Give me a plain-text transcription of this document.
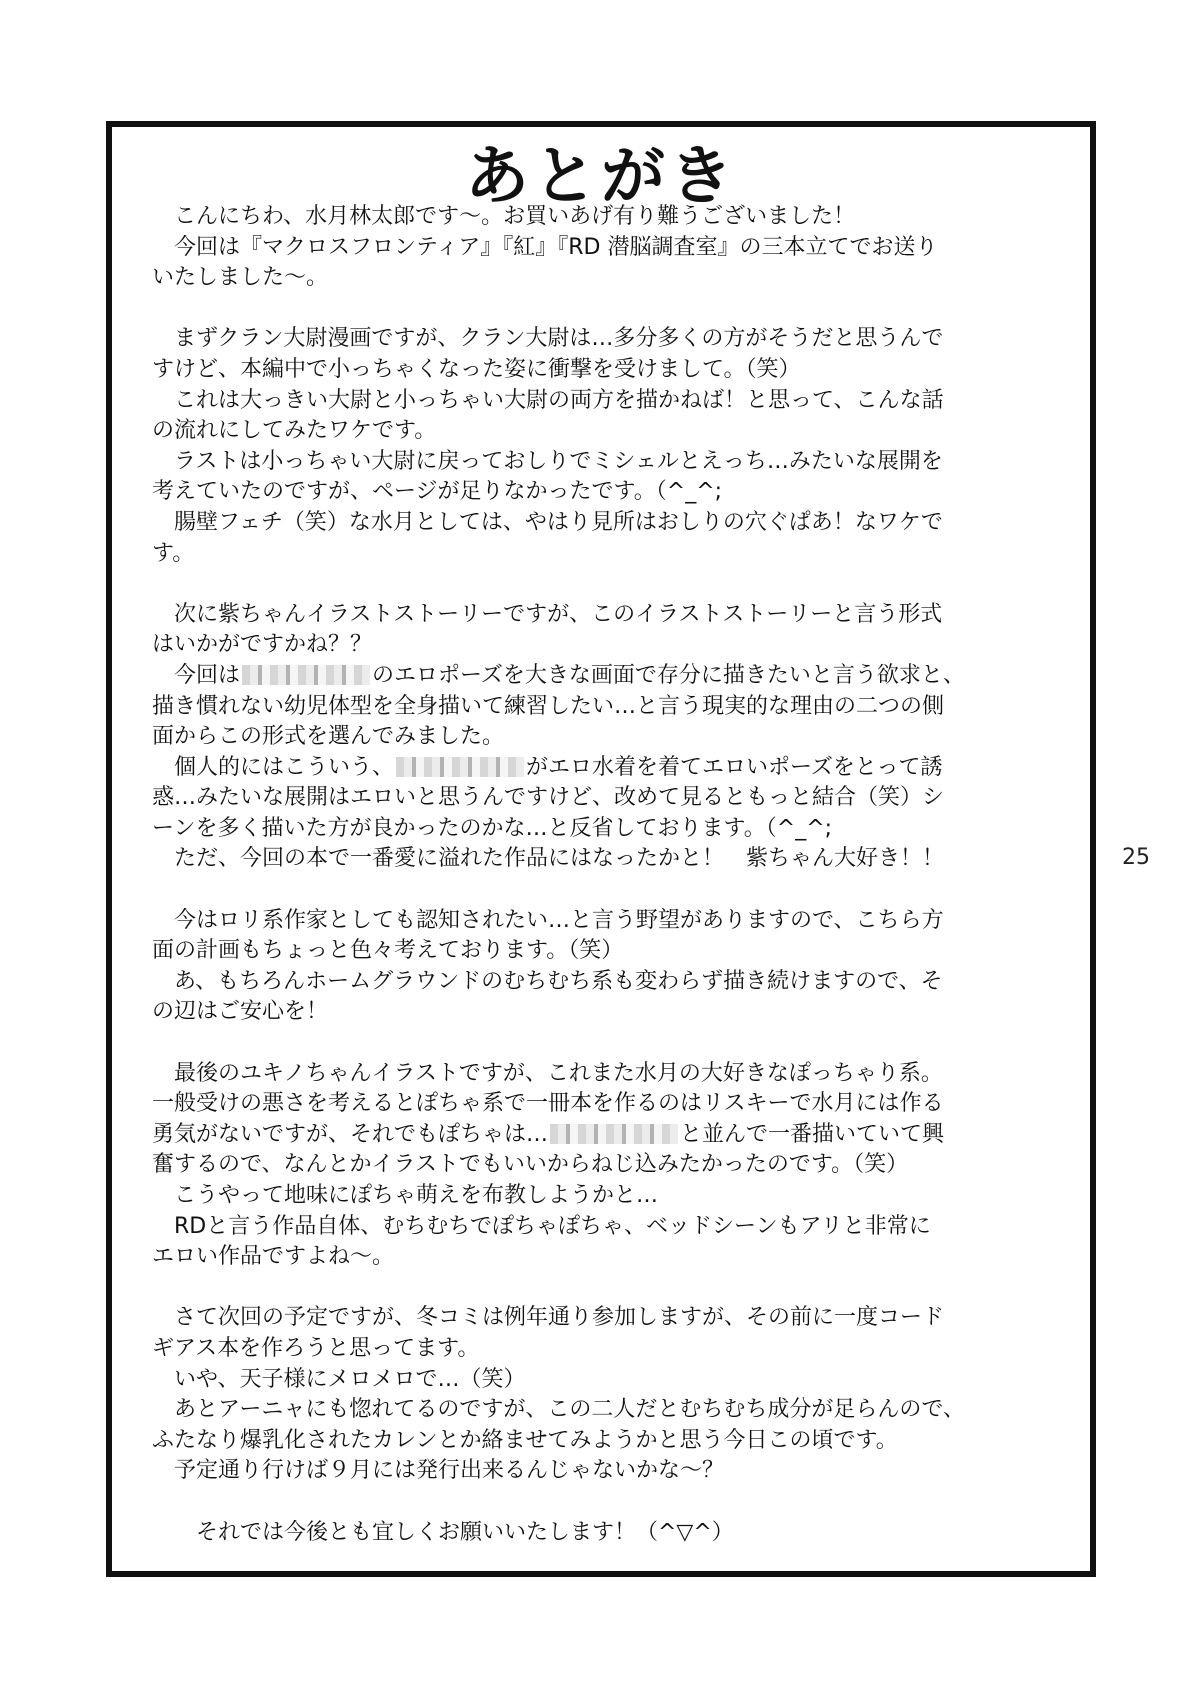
あとがき
　こんにちわ、水月林太郎です～。お買いあげ有り難うございました！
　今回は『マクロスフロンティア』『紅』『RD 潜脳調査室』の三本立てでお送り
いたしました～。
　まずクラン大尉漫画ですが、クラン大尉は…多分多くの方がそうだと思うんで
すけど、本編中で小っちゃくなった姿に衝撃を受けまして。（笑）
　これは大っきい大尉と小っちゃい大尉の両方を描かねば！と思って、こんな話
の流れにしてみたワケです。
　ラストは小っちゃい大尉に戻っておしりでミシェルとえっち…みたいな展開を
考えていたのですが、ページが足りなかったです。（^_^;
　腸壁フェチ（笑）な水月としては、やはり見所はおしりの穴ぐぱあ！なワケで
す。
　次に紫ちゃんイラストストーリーですが、このイラストストーリーと言う形式
はいかがですかね？？
　今回は	のエロポーズを大きな画面で存分に描きたいと言う欲求と、
描き慣れない幼児体型を全身描いて練習したい…と言う現実的な理由の二つの側
面からこの形式を選んでみました。
　個人的にはこういう、	がエロ水着を着てエロいポーズをとって誘
惑…みたいな展開はエロいと思うんですけど、改めて見るともっと結合（笑）シ
ーンを多く描いた方が良かったのかな…と反省しております。（^_^;
　ただ、今回の本で一番愛に溢れた作品にはなったかと！　紫ちゃん大好き！！
　今はロリ系作家としても認知されたい…と言う野望がありますので、こちら方
面の計画もちょっと色々考えております。（笑）
　あ、もちろんホームグラウンドのむちむち系も変わらず描き続けますので、そ
の辺はご安心を！
　最後のユキノちゃんイラストですが、これまた水月の大好きなぽっちゃり系。
一般受けの悪さを考えるとぽちゃ系で一冊本を作るのはリスキーで水月には作る
勇気がないですが、それでもぽちゃは…	と並んで一番描いていて興
奮するので、なんとかイラストでもいいからねじ込みたかったのです。（笑）
　こうやって地味にぽちゃ萌えを布教しようかと…
　RDと言う作品自体、むちむちでぽちゃぽちゃ、ベッドシーンもアリと非常に
エロい作品ですよね～。
　さて次回の予定ですが、冬コミは例年通り参加しますが、その前に一度コード
ギアス本を作ろうと思ってます。
　いや、天子様にメロメロで…（笑）
　あとアーニャにも惚れてるのですが、この二人だとむちむち成分が足らんので、
ふたなり爆乳化されたカレンとか絡ませてみようかと思う今日この頃です。
　予定通り行けば９月には発行出来るんじゃないかな～？
　　それでは今後とも宜しくお願いいたします！（^▽^）
25
